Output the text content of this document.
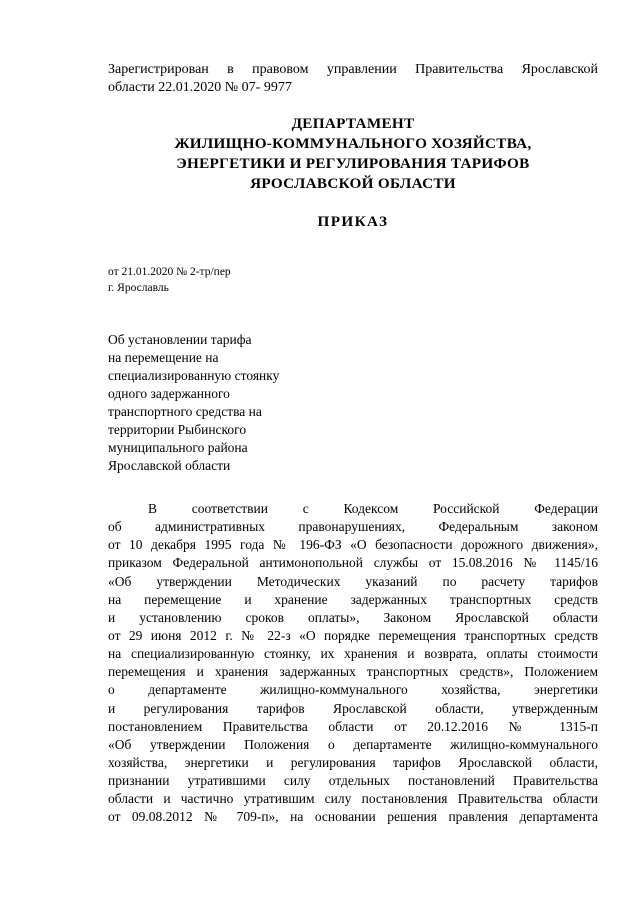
Зарегистрирован в правовом управлении Правительства Ярославской

области 22.01.2020 № 07- 9977

ДЕПАРТАМЕНТ
ЖИЛИЩНО-КОММУНАЛЬНОГО ХОЗЯЙСТВА,
ЭНЕРГЕТИКИ И РЕГУЛИРОВАНИЯ ТАРИФОВ
ЯРОСЛАВСКОЙ ОБЛАСТИ
ПРИКАЗ
от 21.01.2020 № 2-тр/пер
г. Ярославль
Об установлении тарифа
на перемещение на
специализированную стоянку
одного задержанного
транспортного средства на
территории Рыбинского
муниципального района
Ярославской области
В соответствии с Кодексом Российской Федерации
об административных правонарушениях, Федеральным законом
от 10 декабря 1995 года № 196-ФЗ «О безопасности дорожного движения»,
приказом Федеральной антимонопольной службы от 15.08.2016 № 1145/16
«Об утверждении Методических указаний по расчету тарифов
на перемещение и хранение задержанных транспортных средств
и установлению сроков оплаты», Законом Ярославской области
от 29 июня 2012 г. № 22-з «О порядке перемещения транспортных средств
на специализированную стоянку, их хранения и возврата, оплаты стоимости
перемещения и хранения задержанных транспортных средств», Положением
о департаменте жилищно-коммунального хозяйства, энергетики
и регулирования тарифов Ярославской области, утвержденным
постановлением Правительства области от 20.12.2016 № 1315-п
«Об утверждении Положения о департаменте жилищно-коммунального
хозяйства, энергетики и регулирования тарифов Ярославской области,
признании утратившими силу отдельных постановлений Правительства
области и частично утратившим силу постановления Правительства области
от 09.08.2012 № 709-п», на основании решения правления департамента
